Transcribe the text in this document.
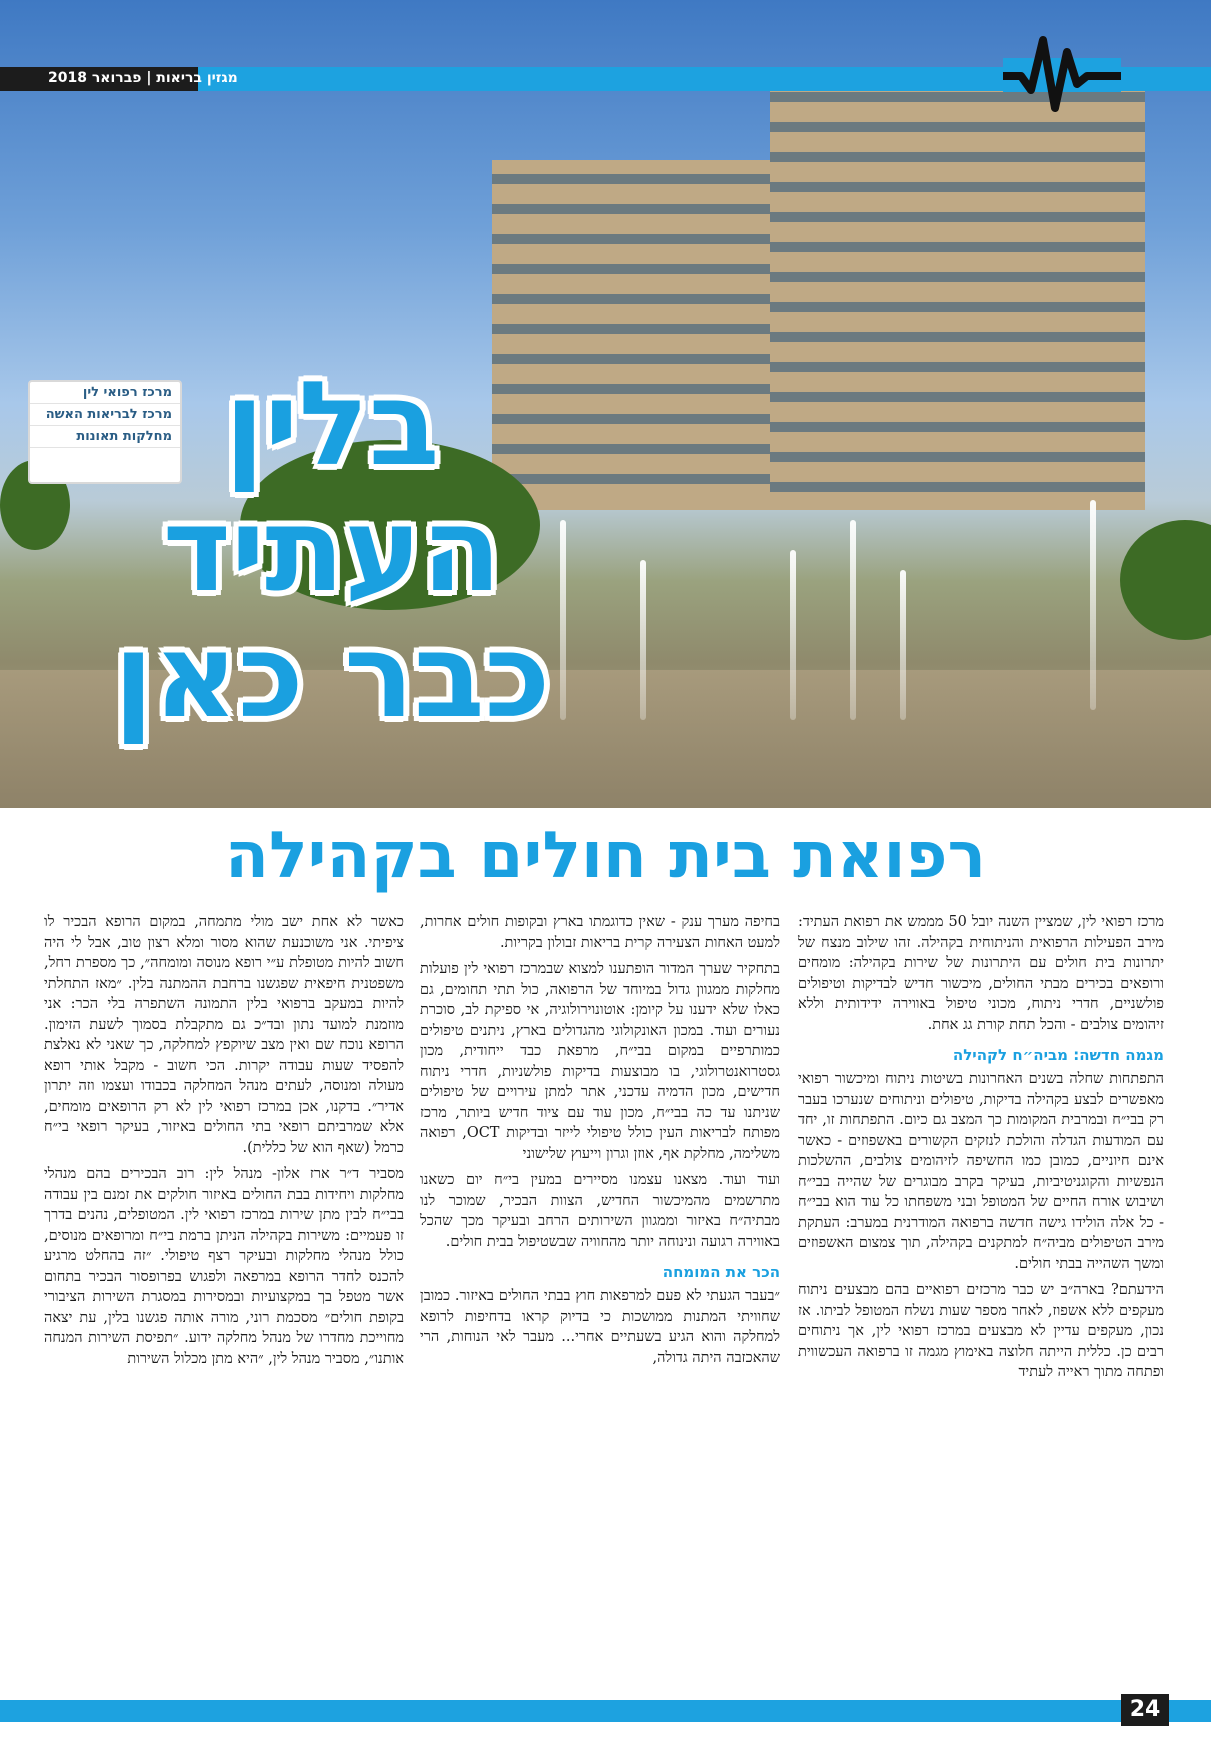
מרכז רפואי לין
מרכז לבריאות האשה
מחלקות תאונות
מגזין בריאות | פברואר 2018
בלין
העתיד
כבר כאן
רפואת בית חולים בקהילה

מרכז רפואי לין, שמציין השנה יובל 50 מממש את רפואת העתיד: מירב הפעילות הרפואית והניתוחית בקהילה. זהו שילוב מנצח של יתרונות בית חולים עם היתרונות של שירות בקהילה: מומחים ורופאים בכירים מבתי החולים, מיכשור חדיש לבדיקות וטיפולים פולשניים, חדרי ניתוח, מכוני טיפול באווירה ידידותית וללא זיהומים צולבים - והכל תחת קורת גג אחת.

מגמה חדשה: מביה״ח לקהילה

התפתחות שחלה בשנים האחרונות בשיטות ניתוח ומיכשור רפואי מאפשרים לבצע בקהילה בדיקות, טיפולים וניתוחים שנערכו בעבר רק בבי״ח ובמרבית המקומות כך המצב גם כיום. התפתחות זו, יחד עם המודעות הגדלה והולכת לנזקים הקשורים באשפוזים - כאשר אינם חיוניים, כמובן כמו החשיפה לזיהומים צולבים, ההשלכות הנפשיות והקוגניטיביות, בעיקר בקרב מבוגרים של שהייה בבי״ח ושיבוש אורח החיים של המטופל ובני משפחתו כל עוד הוא בבי״ח - כל אלה הולידו גישה חדשה ברפואה המודרנית במערב: העתקת מירב הטיפולים מביה״ח למתקנים בקהילה, תוך צמצום האשפוזים ומשך השהייה בבתי חולים.

הידעתם? בארה״ב יש כבר מרכזים רפואיים בהם מבצעים ניתוח מעקפים ללא אשפוז, לאחר מספר שעות נשלח המטופל לביתו. אז נכון, מעקפים עדיין לא מבצעים במרכז רפואי לין, אך ניתוחים רבים כן. כללית הייתה חלוצה באימוץ מגמה זו ברפואה העכשווית ופתחה מתוך ראייה לעתיד

בחיפה מערך ענק - שאין כדוגמתו בארץ ובקופות חולים אחרות, למעט האחות הצעירה קרית בריאות זבולון בקריות.

בתחקיר שערך המדור הופתענו למצוא שבמרכז רפואי לין פועלות מחלקות ממגוון גדול במיוחד של הרפואה, כול תתי תחומים, גם כאלו שלא ידענו על קיומן: אוטונוירולוגיה, אי ספיקת לב, סוכרת נעורים ועוד. במכון האונקולוגי מהגדולים בארץ, ניתנים טיפולים כמותרפיים במקום בבי״ח, מרפאת כבד ייחודית, מכון גסטרואנטרולוגי, בו מבוצעות בדיקות פולשניות, חדרי ניתוח חדישים, מכון הדמיה עדכני, אתר למתן עירויים של טיפולים שניתנו עד כה בבי״ח, מכון עוד עם ציוד חדיש ביותר, מרכז מפותח לבריאות העין כולל טיפולי לייזר ובדיקות OCT, רפואה משלימה, מחלקת אף, אוזן וגרון וייעוץ שלישוני

ועוד ועוד. מצאנו עצמנו מסיירים במעין בי״ח יום כשאנו מתרשמים מהמיכשור החדיש, הצוות הבכיר, שמוכר לנו מבתיה״ח באיזור וממגוון השירותים הרחב ובעיקר מכך שהכל באווירה רגועה ונינוחה יותר מהחוויה שבשטיפול בבית חולים.

הכר את המומחה

״בעבר הגעתי לא פעם למרפאות חוץ בבתי החולים באיזור. כמובן שחוויתי המתנות ממושכות כי בדיוק קראו בדחיפות לרופא למחלקה והוא הגיע בשעתיים אחרי... מעבר לאי הנוחות, הרי שהאכזבה היתה גדולה,

כאשר לא אחת ישב מולי מתמחה, במקום הרופא הבכיר לו ציפיתי. אני משוכנעת שהוא מסור ומלא רצון טוב, אבל לי היה חשוב להיות מטופלת ע״י רופא מנוסה ומומחה״, כך מספרת רחל, משפטנית חיפאית שפגשנו ברחבת ההמתנה בלין. ״מאז התחלתי להיות במעקב ברפואי בלין התמונה השתפרה בלי הכר: אני מוזמנת למועד נתון ובד״כ גם מתקבלת בסמוך לשעת הזימון. הרופא נוכח שם ואין מצב שיוקפץ למחלקה, כך שאני לא נאלצת להפסיד שעות עבודה יקרות. הכי חשוב - מקבל אותי רופא מעולה ומנוסה, לעתים מנהל המחלקה בכבודו ועצמו וזה יתרון אדיר״. בדקנו, אכן במרכז רפואי לין לא רק הרופאים מומחים, אלא שמרביתם רופאי בתי החולים באיזור, בעיקר רופאי בי״ח כרמל (שאף הוא של כללית).

מסביר ד״ר ארז אלון- מנהל לין: רוב הבכירים בהם מנהלי מחלקות ויחידות בבת החולים באיזור חולקים את זמנם בין עבודה בבי״ח לבין מתן שירות במרכז רפואי לין. המטופלים, נהנים בדרך זו פעמיים: משירות בקהילה הניתן ברמת בי״ח ומרופאים מנוסים, כולל מנהלי מחלקות ובעיקר רצף טיפולי. ״זה בהחלט מרגיע להכנס לחדר הרופא במרפאה ולפגוש בפרופסור הבכיר בתחום אשר מטפל בך במקצועיות ובמסירות במסגרת השירות הציבורי בקופת חולים״ מסכמת רוני, מורה אותה פגשנו בלין, עת יצאה מחוייכת מחדרו של מנהל מחלקה ידוע. ״תפיסת השירות המנחה אותנו״, מסביר מנהל לין, ״היא מתן מכלול השירות

24
